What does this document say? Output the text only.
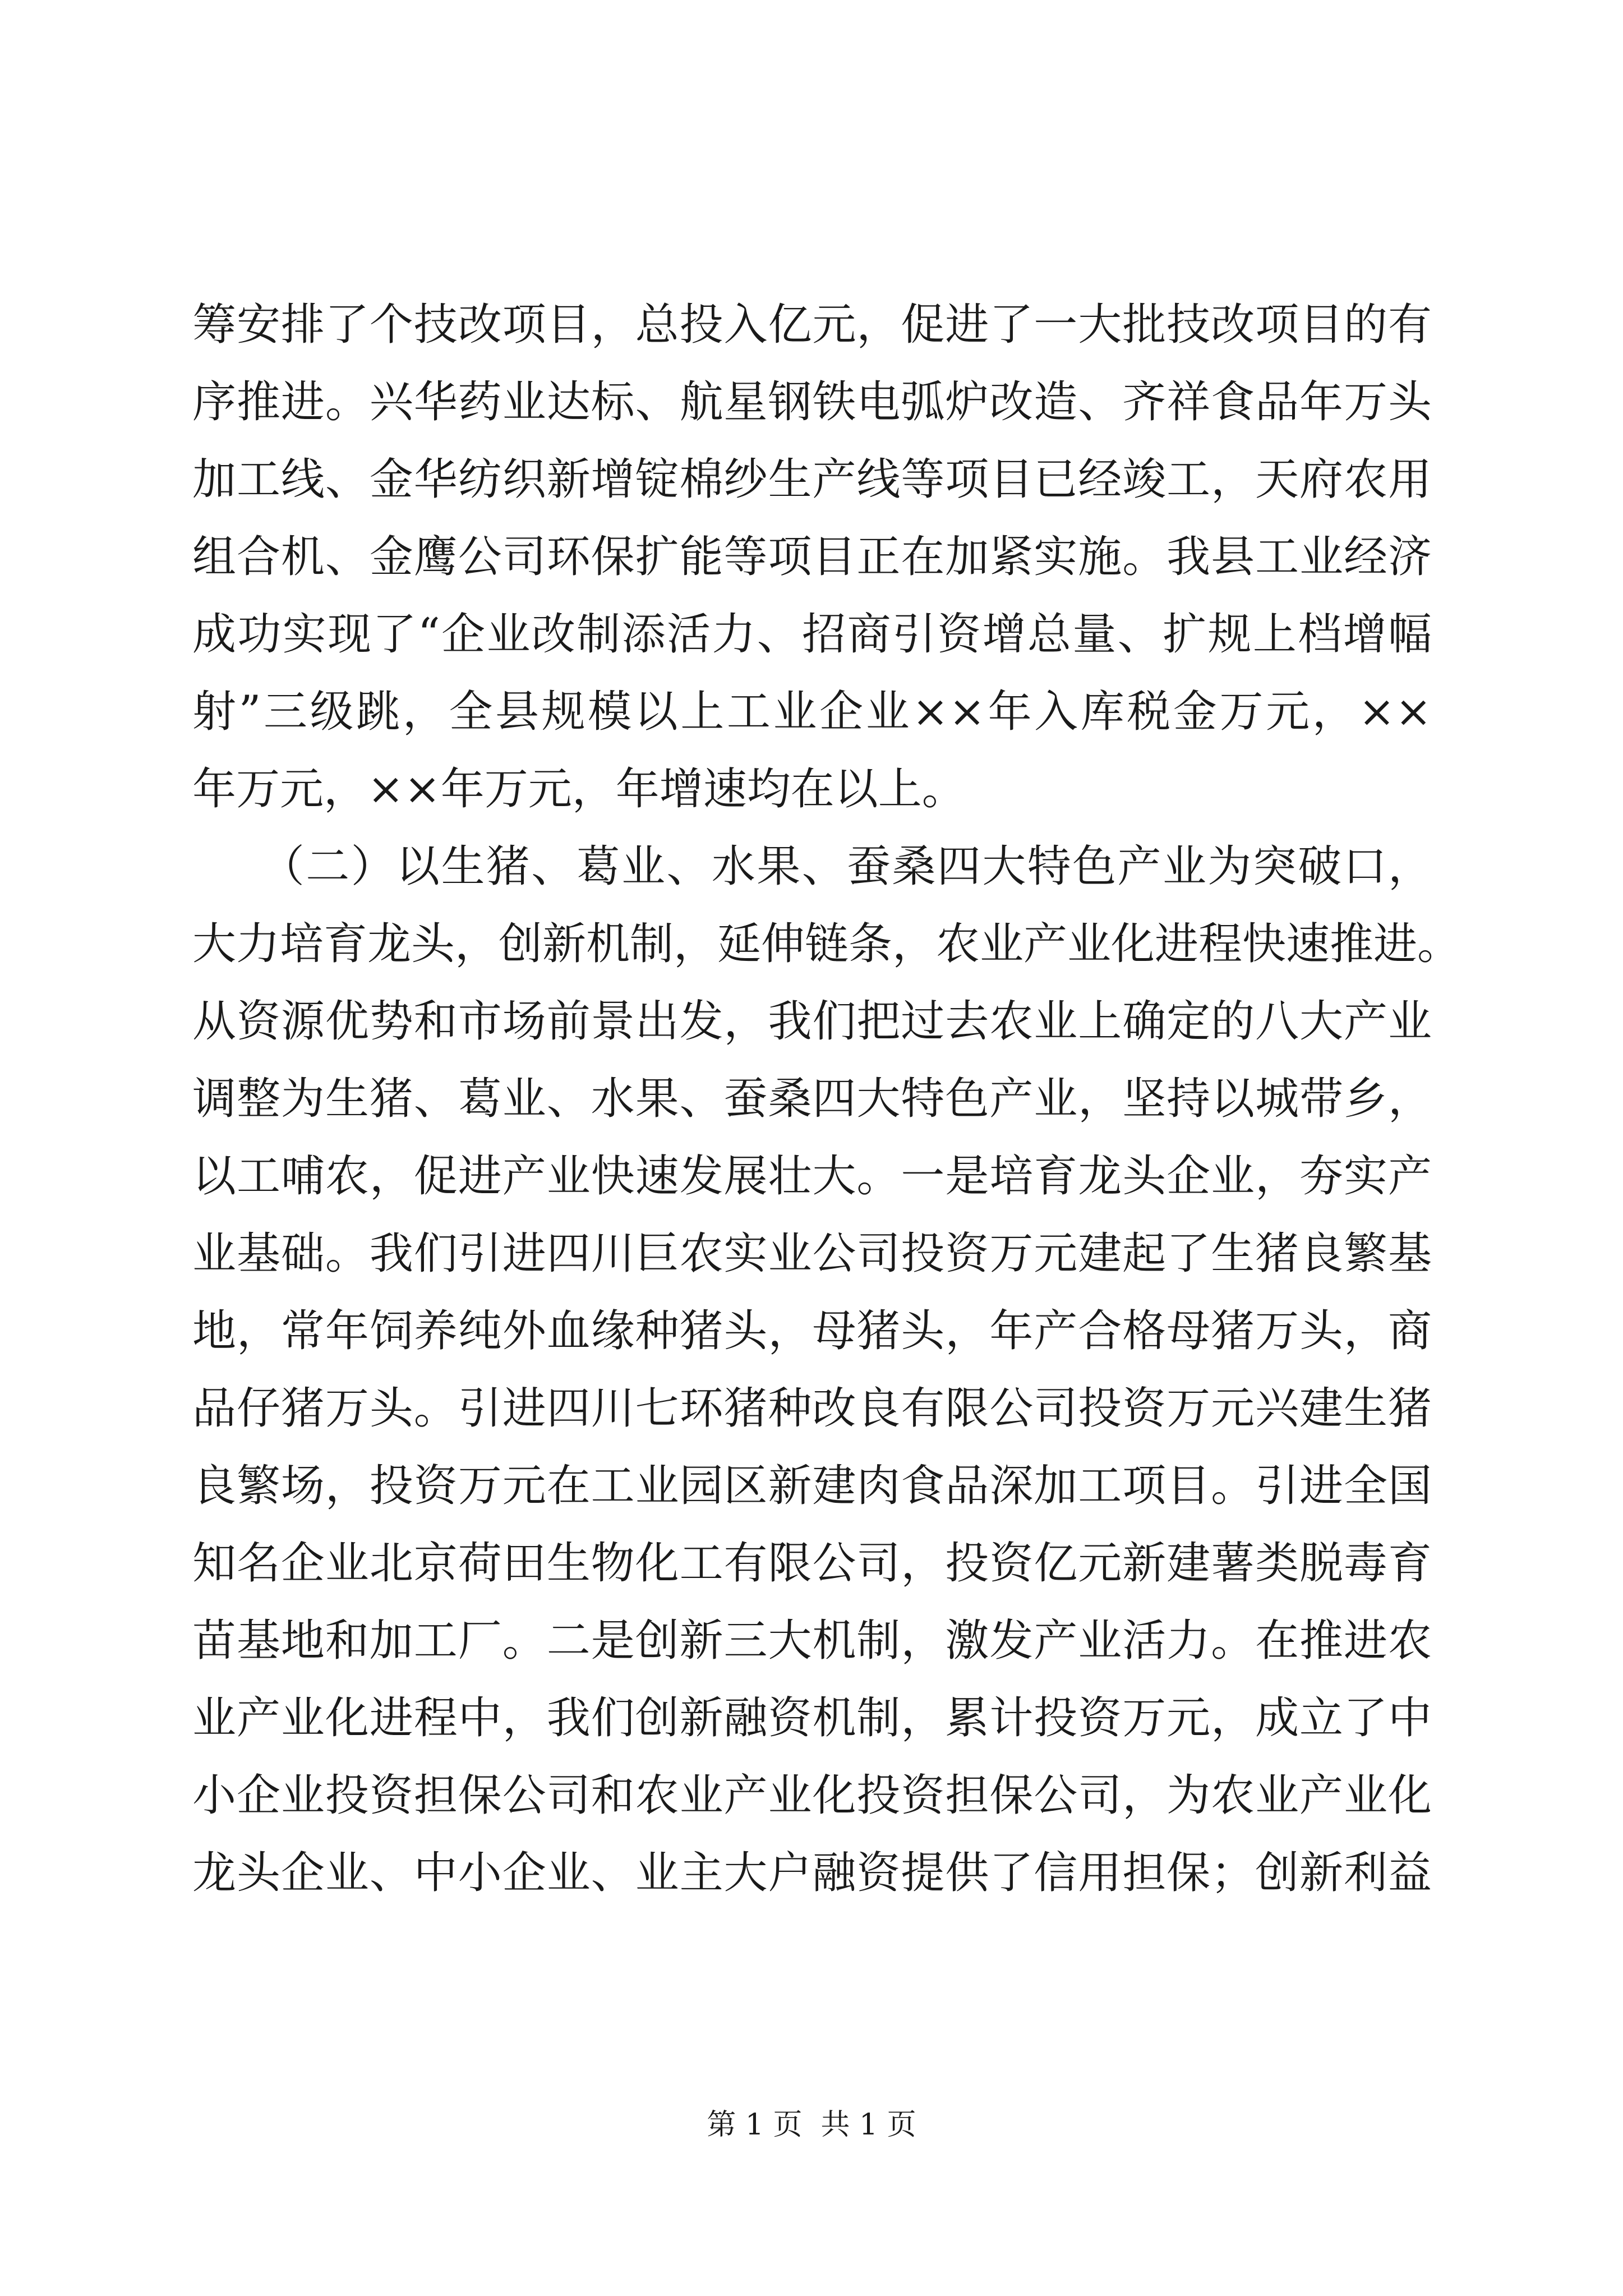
筹安排了个技改项目，总投入亿元，促进了一大批技改项目的有
序推进。兴华药业达标、航星钢铁电弧炉改造、齐祥食品年万头
加工线、金华纺织新增锭棉纱生产线等项目已经竣工，天府农用
组合机、金鹰公司环保扩能等项目正在加紧实施。我县工业经济
成功实现了“企业改制添活力、招商引资增总量、扩规上档增幅
射”三级跳，全县规模以上工业企业××年入库税金万元，××
年万元，××年万元，年增速均在以上。
　　（二）以生猪、葛业、水果、蚕桑四大特色产业为突破口，
大力培育龙头，创新机制，延伸链条，农业产业化进程快速推进。
从资源优势和市场前景出发，我们把过去农业上确定的八大产业
调整为生猪、葛业、水果、蚕桑四大特色产业，坚持以城带乡，
以工哺农，促进产业快速发展壮大。一是培育龙头企业，夯实产
业基础。我们引进四川巨农实业公司投资万元建起了生猪良繁基
地，常年饲养纯外血缘种猪头，母猪头，年产合格母猪万头，商
品仔猪万头。引进四川七环猪种改良有限公司投资万元兴建生猪
良繁场，投资万元在工业园区新建肉食品深加工项目。引进全国
知名企业北京荷田生物化工有限公司，投资亿元新建薯类脱毒育
苗基地和加工厂。二是创新三大机制，激发产业活力。在推进农
业产业化进程中，我们创新融资机制，累计投资万元，成立了中
小企业投资担保公司和农业产业化投资担保公司，为农业产业化
龙头企业、中小企业、业主大户融资提供了信用担保；创新利益
第 1 页  共 1 页
